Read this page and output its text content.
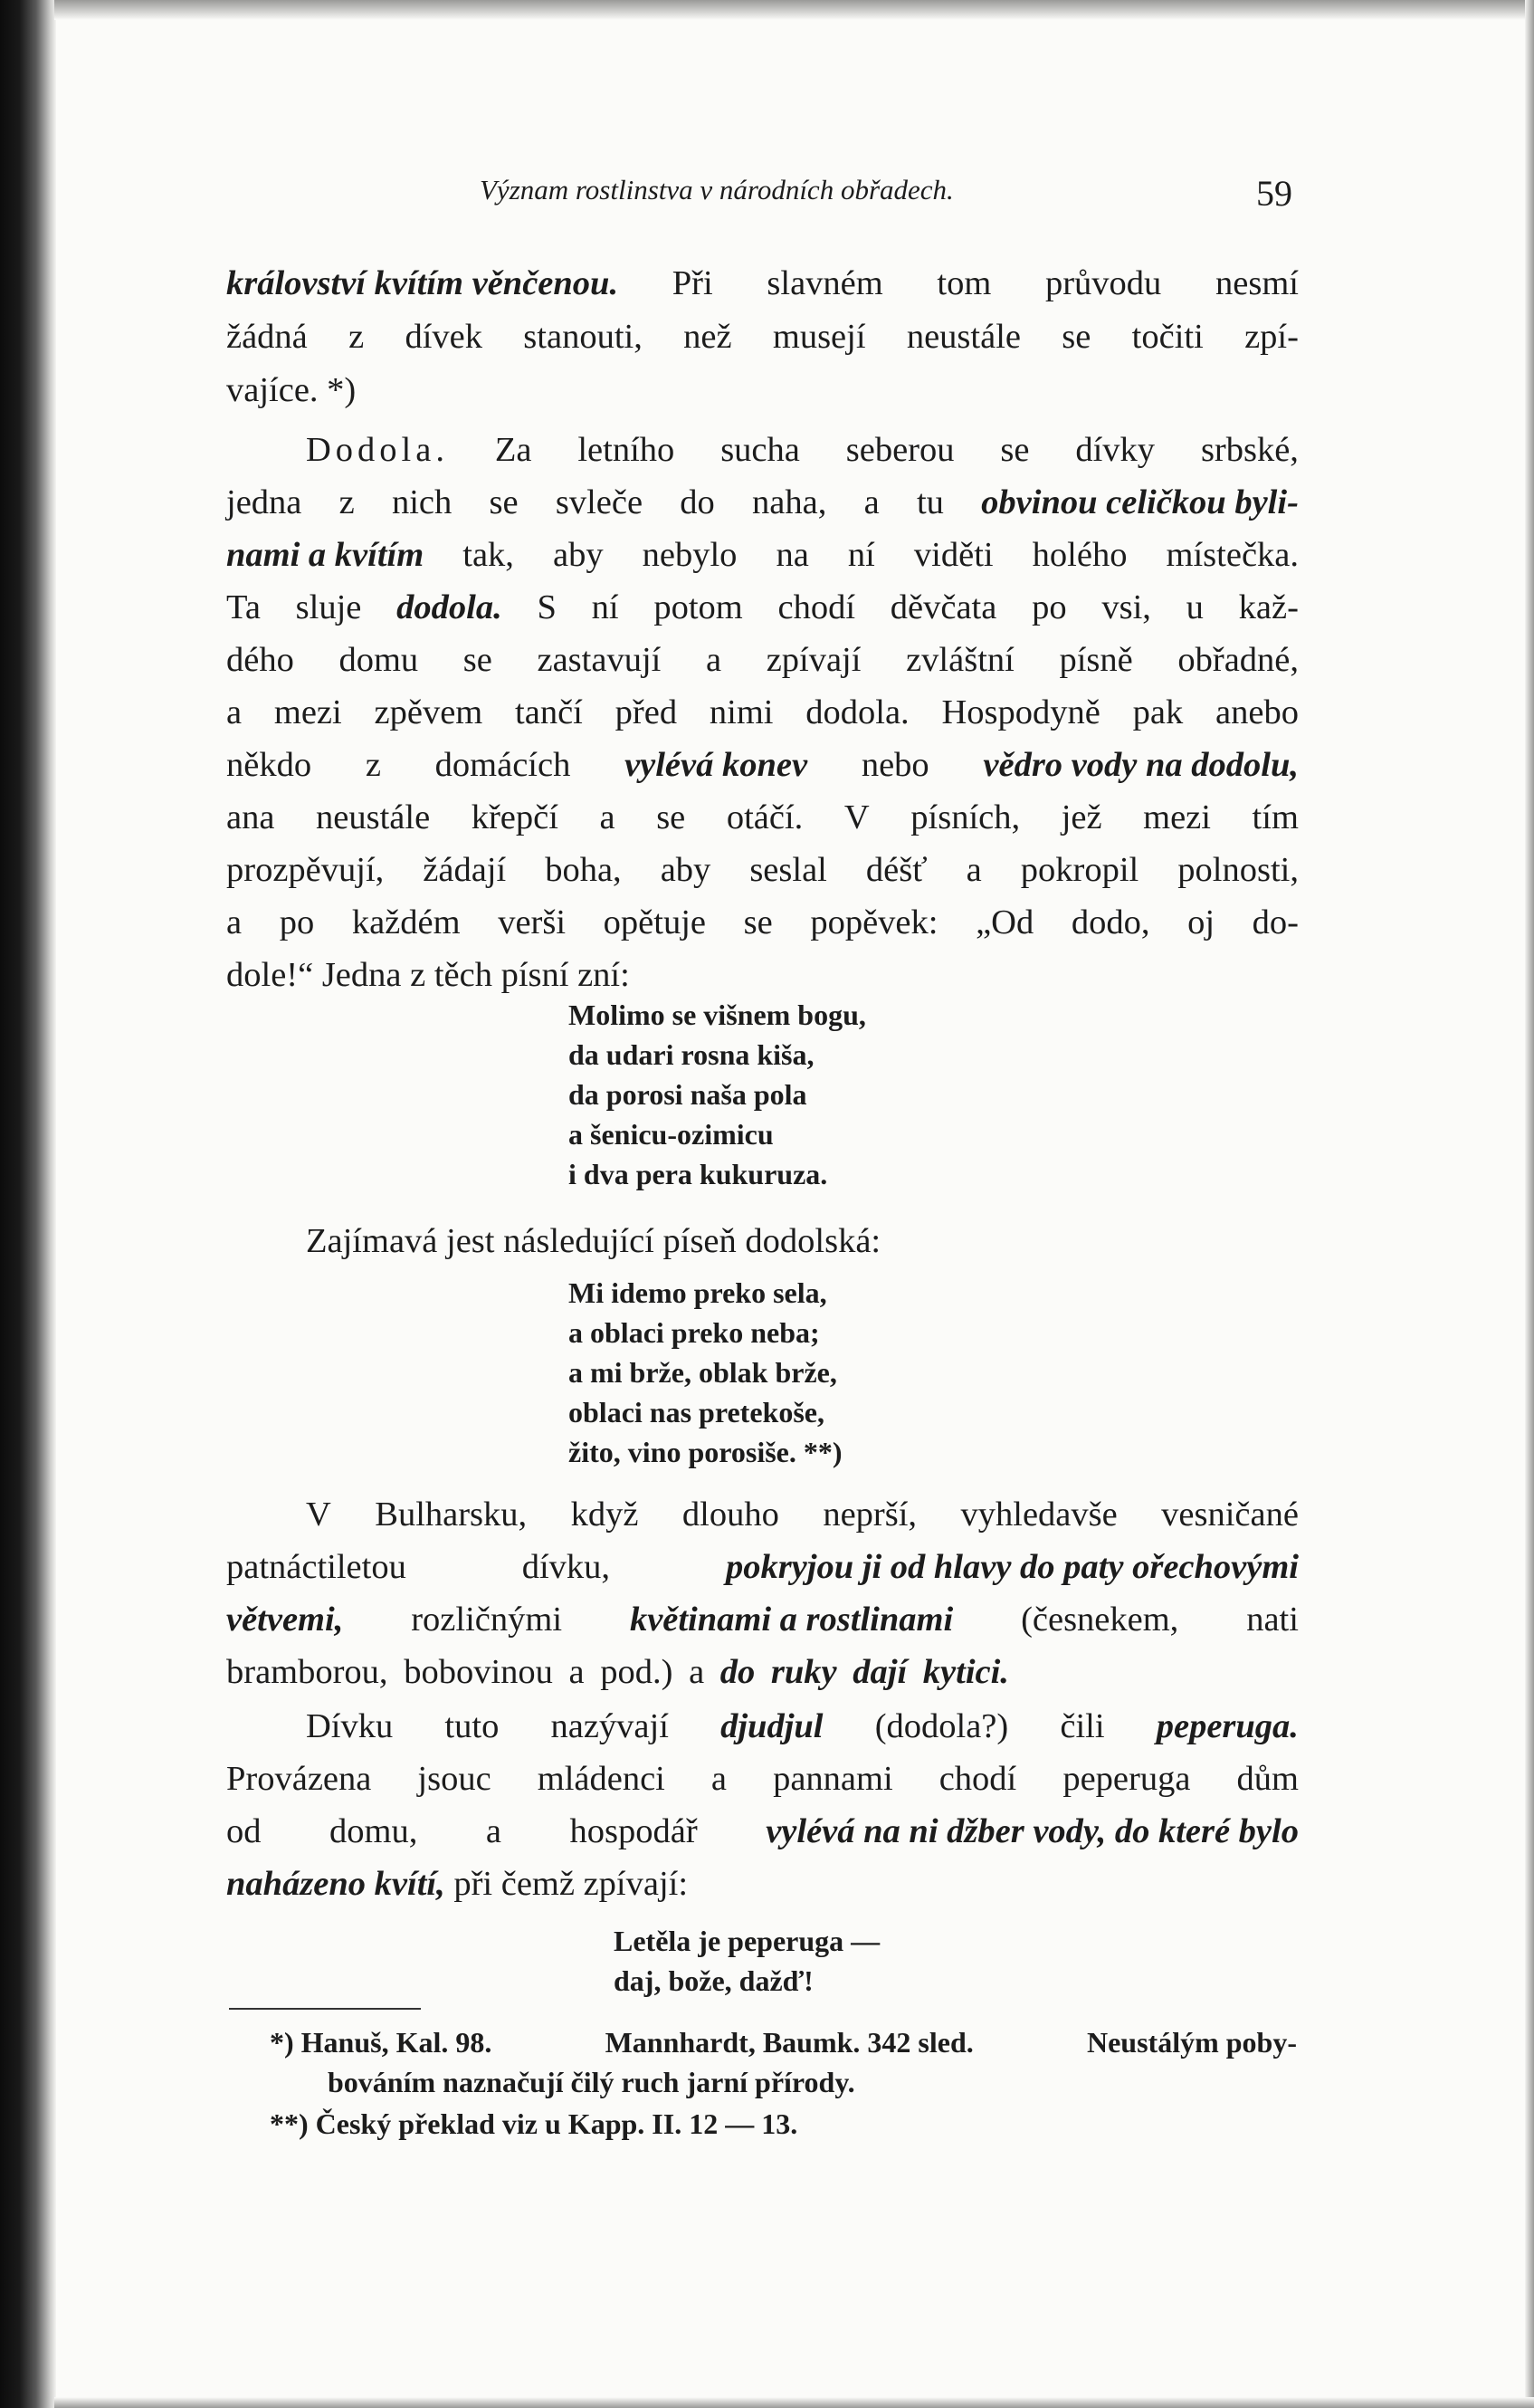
Význam rostlinstva v národních obřadech.	59
království kvítím věnčenou. Při slavném tom průvodu nesmí
žádná z dívek stanouti, než musejí neustále se točiti zpí-
vajíce. *)
Dodola. Za letního sucha seberou se dívky srbské,
jedna z nich se svleče do naha, a tu obvinou celičkou byli-
nami a kvítím tak, aby nebylo na ní viděti holého místečka.
Ta sluje dodola. S ní potom chodí děvčata po vsi, u kaž-
dého domu se zastavují a zpívají zvláštní písně obřadné,
a mezi zpěvem tančí před nimi dodola. Hospodyně pak anebo
někdo z domácích vylévá konev nebo vědro vody na dodolu,
ana neustále křepčí a se otáčí. V písních, jež mezi tím
prozpěvují, žádají boha, aby seslal déšť a pokropil polnosti,
a po každém verši opětuje se popěvek: „Od dodo, oj do-
dole!“ Jedna z těch písní zní:
Zajímavá jest následující píseň dodolská:
V Bulharsku, když dlouho neprší, vyhledavše vesničané
patnáctiletou	dívku,	pokryjou ji od hlavy do paty ořechovými
větvemi, rozličnými květinami a rostlinami (česnekem, nati
bramborou, bobovinou a pod.) a do ruky dají kytici.
Dívku tuto nazývají djudjul (dodola?) čili peperuga.
Provázena jsouc mládenci a pannami chodí peperuga dům
od domu, a hospodář vylévá na ni džber vody, do které bylo
naházeno kvítí, při čemž zpívají:
Molimo se višnem bogu,
da udari rosna kiša,
da porosi naša pola
a šenicu-ozimicu
i dva pera kukuruza.
Mi idemo preko sela,
a oblaci preko neba;
a mi brže, oblak brže,
oblaci nas pretekoše,
žito, vino porosiše. **)
Letěla je peperuga —
daj, bože, dažď!
*) Hanuš, Kal. 98.	Mannhardt, Baumk. 342 sled.	Neustálým poby-
bováním naznačují čilý ruch jarní přírody.
**) Český překlad viz u Kapp. II. 12 — 13.
